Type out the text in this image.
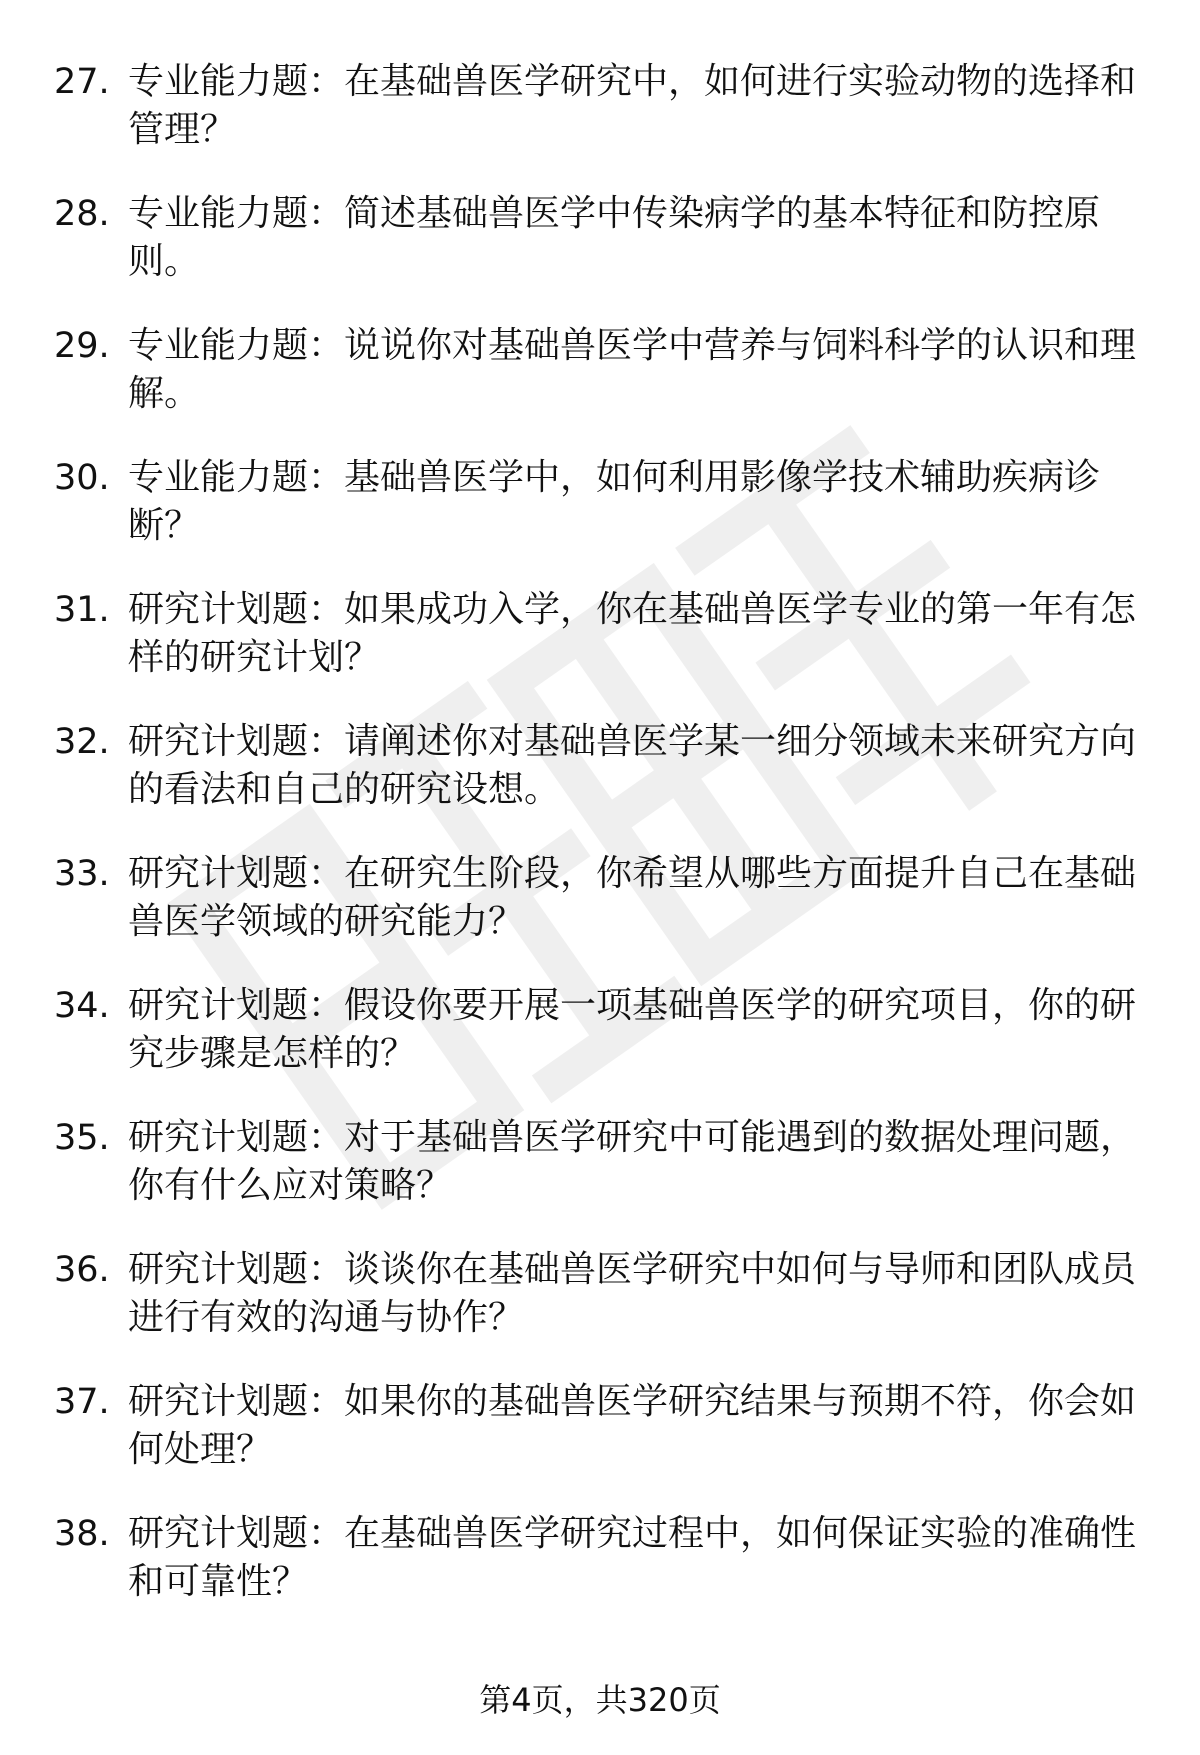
27. 专业能力题：在基础兽医学研究中，如何进行实验动物的选择和管理？
28. 专业能力题：简述基础兽医学中传染病学的基本特征和防控原则。
29. 专业能力题：说说你对基础兽医学中营养与饲料科学的认识和理解。
30. 专业能力题：基础兽医学中，如何利用影像学技术辅助疾病诊断？
31. 研究计划题：如果成功入学，你在基础兽医学专业的第一年有怎样的研究计划？
32. 研究计划题：请阐述你对基础兽医学某一细分领域未来研究方向的看法和自己的研究设想。
33. 研究计划题：在研究生阶段，你希望从哪些方面提升自己在基础兽医学领域的研究能力？
34. 研究计划题：假设你要开展一项基础兽医学的研究项目，你的研究步骤是怎样的？
35. 研究计划题：对于基础兽医学研究中可能遇到的数据处理问题，你有什么应对策略？
36. 研究计划题：谈谈你在基础兽医学研究中如何与导师和团队成员进行有效的沟通与协作？
37. 研究计划题：如果你的基础兽医学研究结果与预期不符，你会如何处理？
38. 研究计划题：在基础兽医学研究过程中，如何保证实验的准确性和可靠性？
第4页，共320页
